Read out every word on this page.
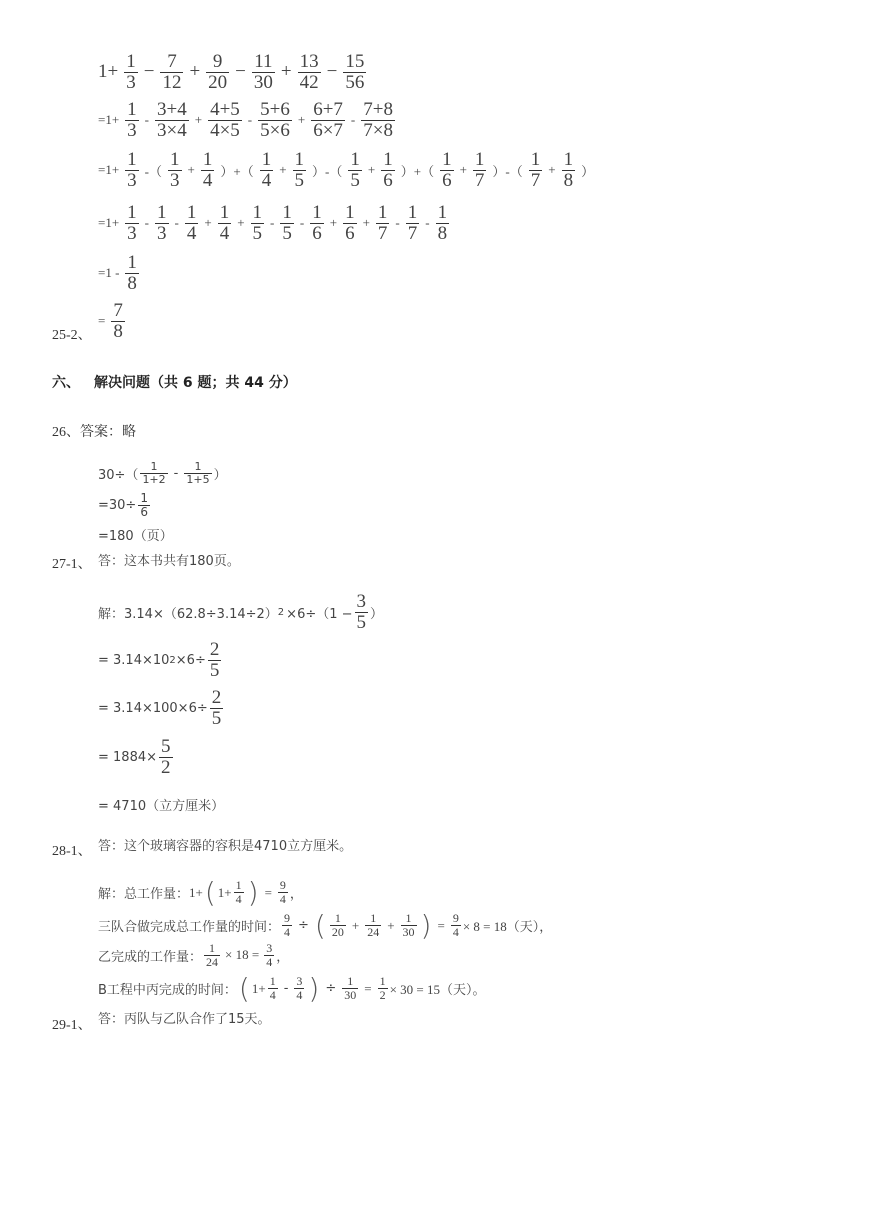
$1+ \frac{1}{3} - \frac{7}{12} + \frac{9}{20} - \frac{11}{30} + \frac{13}{42} - \frac{15}{56}$
$=1+ \frac{1}{3} - \frac{3+4}{3\times 4} + \frac{4+5}{4\times 5} - \frac{5+6}{5\times 6} + \frac{6+7}{6\times 7} - \frac{7+8}{7\times 8}$
$=1+ \frac{1}{3}$ -（ $\frac{1}{3} + \frac{1}{4}$ ）+（ $\frac{1}{4} + \frac{1}{5}$ ）-（ $\frac{1}{5} + \frac{1}{6}$ ）+（ $\frac{1}{6} + \frac{1}{7}$ ）-（ $\frac{1}{7} + \frac{1}{8}$ ）
$=1+ \frac{1}{3} - \frac{1}{3} - \frac{1}{4} + \frac{1}{4} + \frac{1}{5} - \frac{1}{5} - \frac{1}{6} + \frac{1}{6} + \frac{1}{7} - \frac{1}{7} - \frac{1}{8}$
$=1 - \frac{1}{8}$
= $\frac{7}{8}$
25-2、
六、 解决问题（共 6 题；共 44 分）
26、答案：略
30÷（
1
1+2 - 1
1+5 ）
$=30\div \frac{1}{6}$
=180（页）
27-1、 答：这本书共有180页。
解：3.14×（62.8÷3.14÷2） $2 \times 6\div(1 - \frac{3}{5}$ ）
= 3.14×10 $2 \times 6\div \frac{2}{5}$
= $3.14\times 100\times 6\div \frac{2}{5}$
= $1884\times \frac{5}{2}$
= 4710（立方厘米）
28-1、 答：这个玻璃容器的容积是4710立方厘米。
解：总工作量： 1+ ( $1+ \frac{1}{4}$ ) = $\frac{9}{4}$ ，
三队合做完成总工作量的时间： $\frac{9}{4}$ ÷ ( 1
$20 + \frac{1}{24} + \frac{1}{30}$ ) = $\frac{9}{4} \times 8 = 18$（天），
乙完成的工作量： $\frac{1}{24} \times 18 = \frac{3}{4}$ ，
B工程中丙完成的时间： ( $1+ \frac{1}{4} - 3$
4 ) ÷ $\frac{1}{30} = \frac{1}{2} \times 30 = 15$（天）。
29-1、 答：丙队与乙队合作了15天。
